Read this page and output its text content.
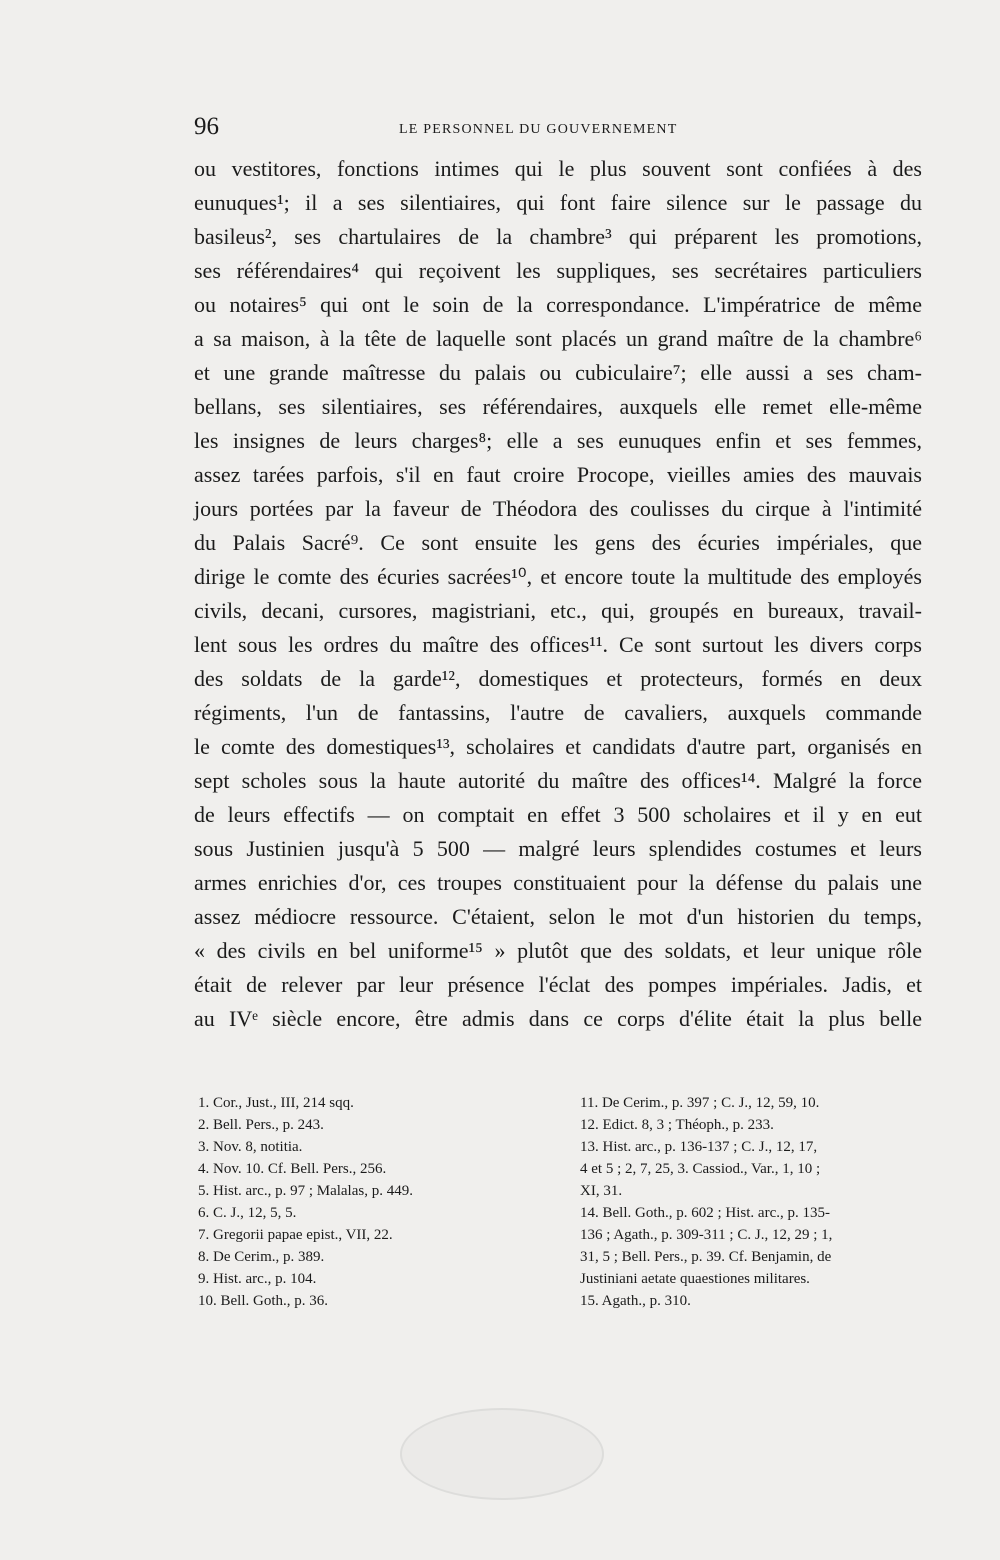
96	LE PERSONNEL DU GOUVERNEMENT
ou vestitores, fonctions intimes qui le plus souvent sont confiées à des
eunuques¹; il a ses silentiaires, qui font faire silence sur le passage du
basileus², ses chartulaires de la chambre³ qui préparent les promotions,
ses référendaires⁴ qui reçoivent les suppliques, ses secrétaires particuliers
ou notaires⁵ qui ont le soin de la correspondance. L'impératrice de même
a sa maison, à la tête de laquelle sont placés un grand maître de la chambre⁶
et une grande maîtresse du palais ou cubiculaire⁷; elle aussi a ses cham-
bellans, ses silentiaires, ses référendaires, auxquels elle remet elle-même
les insignes de leurs charges⁸; elle a ses eunuques enfin et ses femmes,
assez tarées parfois, s'il en faut croire Procope, vieilles amies des mauvais
jours portées par la faveur de Théodora des coulisses du cirque à l'intimité
du Palais Sacré⁹. Ce sont ensuite les gens des écuries impériales, que
dirige le comte des écuries sacrées¹⁰, et encore toute la multitude des employés
civils, decani, cursores, magistriani, etc., qui, groupés en bureaux, travail-
lent sous les ordres du maître des offices¹¹. Ce sont surtout les divers corps
des soldats de la garde¹², domestiques et protecteurs, formés en deux
régiments, l'un de fantassins, l'autre de cavaliers, auxquels commande
le comte des domestiques¹³, scholaires et candidats d'autre part, organisés en
sept scholes sous la haute autorité du maître des offices¹⁴. Malgré la force
de leurs effectifs — on comptait en effet 3 500 scholaires et il y en eut
sous Justinien jusqu'à 5 500 — malgré leurs splendides costumes et leurs
armes enrichies d'or, ces troupes constituaient pour la défense du palais une
assez médiocre ressource. C'étaient, selon le mot d'un historien du temps,
« des civils en bel uniforme¹⁵ » plutôt que des soldats, et leur unique rôle
était de relever par leur présence l'éclat des pompes impériales. Jadis, et
au IVᵉ siècle encore, être admis dans ce corps d'élite était la plus belle
1. Cor., Just., III, 214 sqq.
2. Bell. Pers., p. 243.
3. Nov. 8, notitia.
4. Nov. 10. Cf. Bell. Pers., 256.
5. Hist. arc., p. 97 ; Malalas, p. 449.
6. C. J., 12, 5, 5.
7. Gregorii papae epist., VII, 22.
8. De Cerim., p. 389.
9. Hist. arc., p. 104.
10. Bell. Goth., p. 36.
11. De Cerim., p. 397 ; C. J., 12, 59, 10.
12. Edict. 8, 3 ; Théoph., p. 233.
13. Hist. arc., p. 136-137 ; C. J., 12, 17,
4 et 5 ; 2, 7, 25, 3. Cassiod., Var., 1, 10 ;
XI, 31.
14. Bell. Goth., p. 602 ; Hist. arc., p. 135-
136 ; Agath., p. 309-311 ; C. J., 12, 29 ; 1,
31, 5 ; Bell. Pers., p. 39. Cf. Benjamin, de
Justiniani aetate quaestiones militares.
15. Agath., p. 310.
